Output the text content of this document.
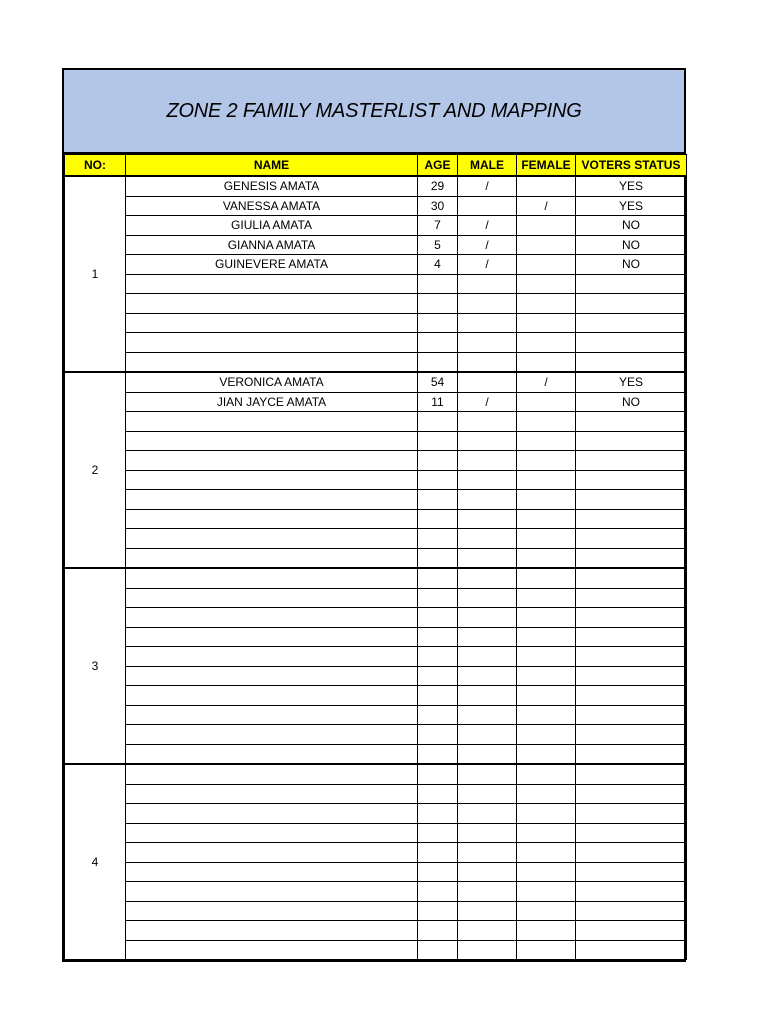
ZONE 2 FAMILY MASTERLIST AND MAPPING
NO:	NAME	AGE	MALE	FEMALE	VOTERS STATUS
1	GENESIS AMATA	29	/		YES
	VANESSA AMATA	30		/	YES
	GIULIA AMATA	7	/		NO
	GIANNA AMATA	5	/		NO
	GUINEVERE AMATA	4	/		NO

2	VERONICA AMATA	54		/	YES
	JIAN JAYCE AMATA	11	/		NO

3					

4					
